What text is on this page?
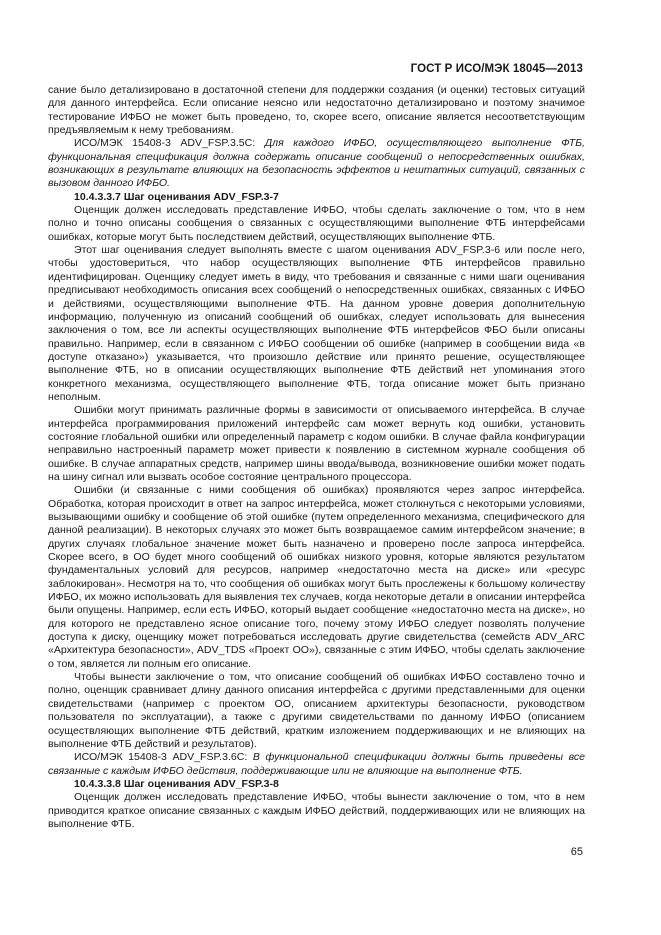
ГОСТ Р ИСО/МЭК 18045—2013

сание было детализировано в достаточной степени для поддержки создания (и оценки) тестовых ситуаций для данного интерфейса. Если описание неясно или недостаточно детализировано и поэтому значимое тестирование ИФБО не может быть проведено, то, скорее всего, описание является несоответствующим предъявляемым к нему требованиям.

ИСО/МЭК 15408-3 ADV_FSP.3.5C: Для каждого ИФБО, осуществляющего выполнение ФТБ, функциональная спецификация должна содержать описание сообщений о непосредственных ошибках, возникающих в результате влияющих на безопасность эффектов и нештатных ситуаций, связанных с вызовом данного ИФБО.

10.4.3.3.7 Шаг оценивания ADV_FSP.3-7

Оценщик должен исследовать представление ИФБО, чтобы сделать заключение о том, что в нем полно и точно описаны сообщения о связанных с осуществляющими выполнение ФТБ интерфейсами ошибках, которые могут быть последствием действий, осуществляющих выполнение ФТБ.

Этот шаг оценивания следует выполнять вместе с шагом оценивания ADV_FSP.3-6 или после него, чтобы удостовериться, что набор осуществляющих выполнение ФТБ интерфейсов правильно идентифицирован. Оценщику следует иметь в виду, что требования и связанные с ними шаги оценивания предписывают необходимость описания всех сообщений о непосредственных ошибках, связанных с ИФБО и действиями, осуществляющими выполнение ФТБ. На данном уровне доверия дополнительную информацию, полученную из описаний сообщений об ошибках, следует использовать для вынесения заключения о том, все ли аспекты осуществляющих выполнение ФТБ интерфейсов ФБО были описаны правильно. Например, если в связанном с ИФБО сообщении об ошибке (например в сообщении вида «в доступе отказано») указывается, что произошло действие или принято решение, осуществляющее выполнение ФТБ, но в описании осуществляющих выполнение ФТБ действий нет упоминания этого конкретного механизма, осуществляющего выполнение ФТБ, тогда описание может быть признано неполным.

Ошибки могут принимать различные формы в зависимости от описываемого интерфейса. В случае интерфейса программирования приложений интерфейс сам может вернуть код ошибки, установить состояние глобальной ошибки или определенный параметр с кодом ошибки. В случае файла конфигурации неправильно настроенный параметр может привести к появлению в системном журнале сообщения об ошибке. В случае аппаратных средств, например шины ввода/вывода, возникновение ошибки может подать на шину сигнал или вызвать особое состояние центрального процессора.

Ошибки (и связанные с ними сообщения об ошибках) проявляются через запрос интерфейса. Обработка, которая происходит в ответ на запрос интерфейса, может столкнуться с некоторыми условиями, вызывающими ошибку и сообщение об этой ошибке (путем определенного механизма, специфического для данной реализации). В некоторых случаях это может быть возвращаемое самим интерфейсом значение; в других случаях глобальное значение может быть назначено и проверено после запроса интерфейса. Скорее всего, в ОО будет много сообщений об ошибках низкого уровня, которые являются результатом фундаментальных условий для ресурсов, например «недостаточно места на диске» или «ресурс заблокирован». Несмотря на то, что сообщения об ошибках могут быть прослежены к большому количеству ИФБО, их можно использовать для выявления тех случаев, когда некоторые детали в описании интерфейса были опущены. Например, если есть ИФБО, который выдает сообщение «недостаточно места на диске», но для которого не представлено ясное описание того, почему этому ИФБО следует позволять получение доступа к диску, оценщику может потребоваться исследовать другие свидетельства (семейств ADV_ARC «Архитектура безопасности», ADV_TDS «Проект ОО»), связанные с этим ИФБО, чтобы сделать заключение о том, является ли полным его описание.

Чтобы вынести заключение о том, что описание сообщений об ошибках ИФБО составлено точно и полно, оценщик сравнивает длину данного описания интерфейса с другими представленными для оценки свидетельствами (например с проектом ОО, описанием архитектуры безопасности, руководством пользователя по эксплуатации), а также с другими свидетельствами по данному ИФБО (описанием осуществляющих выполнение ФТБ действий, кратким изложением поддерживающих и не влияющих на выполнение ФТБ действий и результатов).

ИСО/МЭК 15408-3 ADV_FSP.3.6C: В функциональной спецификации должны быть приведены все связанные с каждым ИФБО действия, поддерживающие или не влияющие на выполнение ФТБ.

10.4.3.3.8 Шаг оценивания ADV_FSP.3-8

Оценщик должен исследовать представление ИФБО, чтобы вынести заключение о том, что в нем приводится краткое описание связанных с каждым ИФБО действий, поддерживающих или не влияющих на выполнение ФТБ.

65
